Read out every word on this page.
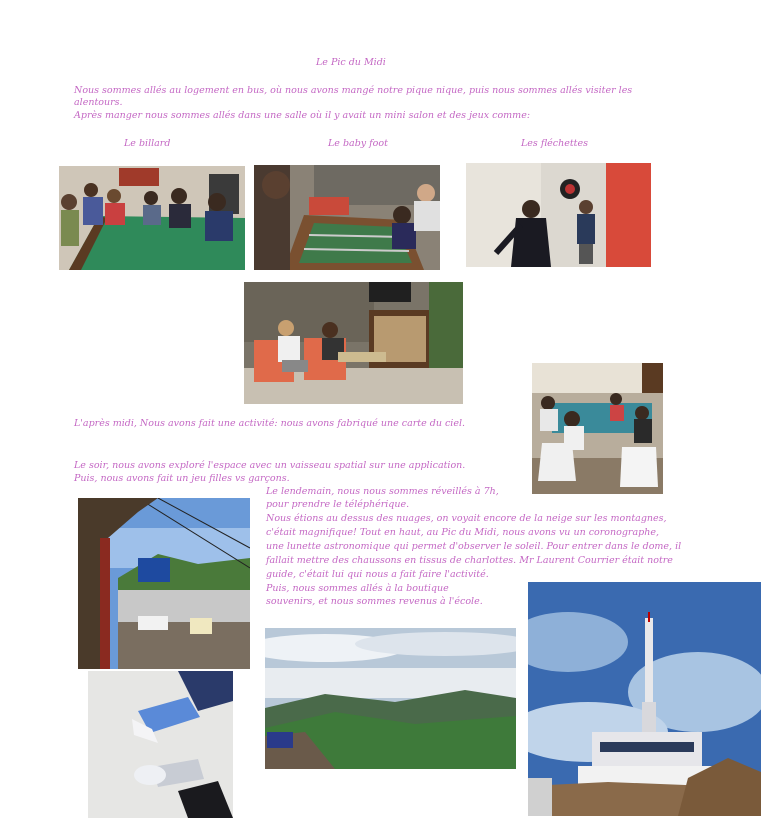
Le Pic du Midi
Nous sommes allés au logement en bus, où nous avons mangé notre pique nique, puis nous sommes allés visiter les
alentours.
Après manger nous sommes allés dans une salle où il y avait un mini salon et des jeux comme:
Le billard	Le baby foot	Les fléchettes
L'après midi, Nous avons fait une activité: nous avons fabriqué une carte du ciel.
Le soir, nous avons exploré l'espace avec un vaisseau spatial sur une application.
Puis, nous avons fait un jeu filles vs garçons.
Le lendemain, nous nous sommes réveillés à 7h,
pour prendre le téléphérique.
Nous étions au dessus des nuages, on voyait encore de la neige sur les montagnes,
c'était magnifique! Tout en haut, au Pic du Midi, nous avons vu un coronographe,
une lunette astronomique qui permet d'observer le soleil. Pour entrer dans le dome, il
fallait mettre des chaussons en tissus de charlottes. Mr Laurent Courrier était notre
guide, c'était lui qui nous a fait faire l'activité.
Puis, nous sommes allés à la boutique
souvenirs, et nous sommes revenus à l'école.
